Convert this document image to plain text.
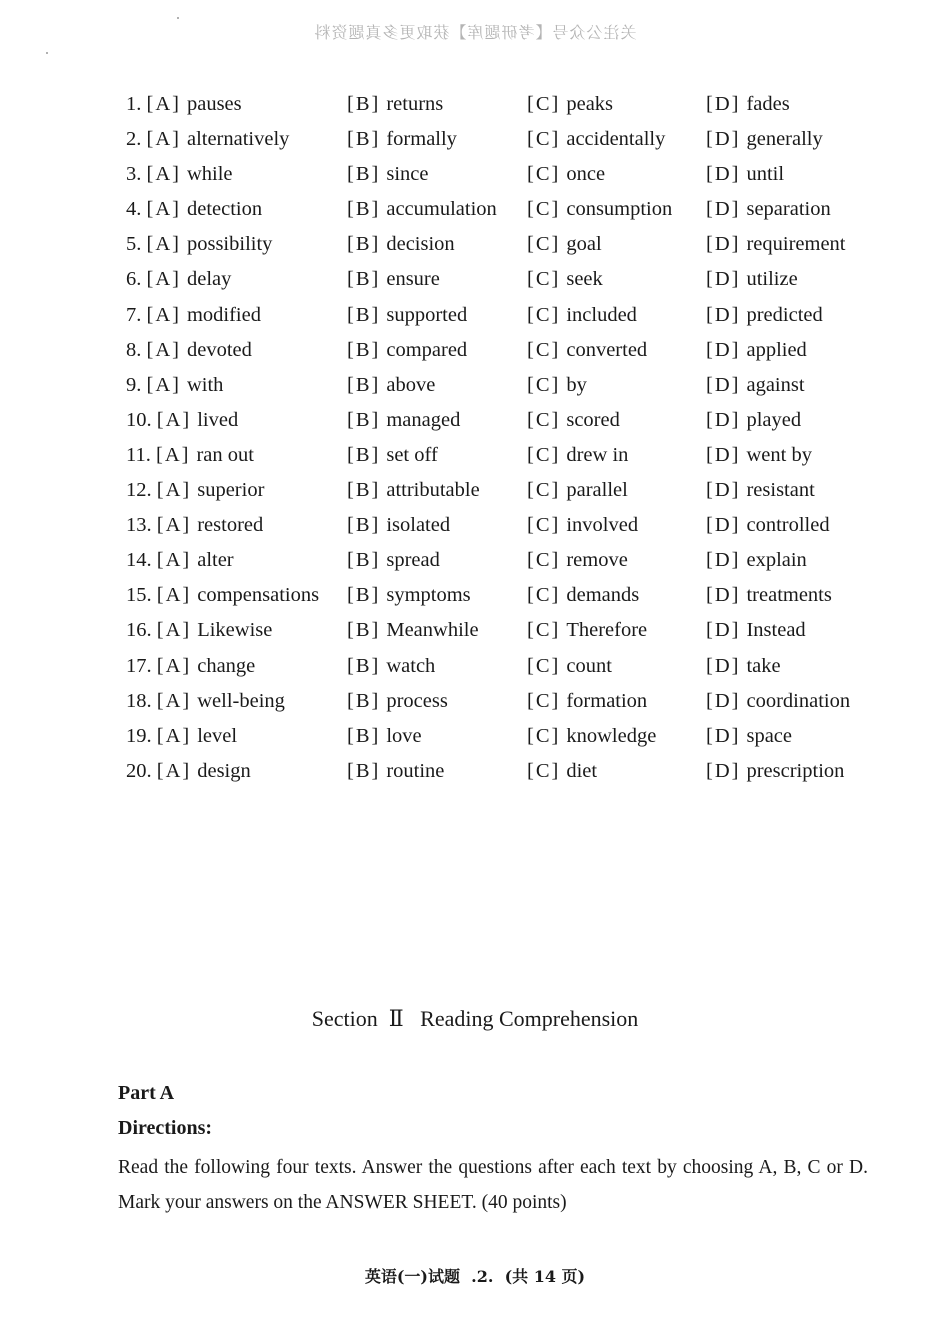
关注公众号【考研题库】获取更多真题资料
1. [A] pauses	[B] returns	[C] peaks	[D] fades
2. [A] alternatively	[B] formally	[C] accidentally [D] generally
3. [A] while	[B] since	[C] once	[D] until
4. [A] detection	[B] accumulation [C] consumption [D] separation
5. [A] possibility	[B] decision	[C] goal	[D] requirement
6. [A] delay	[B] ensure	[C] seek	[D] utilize
7. [A] modified	[B] supported	[C] included	[D] predicted
8. [A] devoted	[B] compared	[C] converted	[D] applied
9. [A] with	[B] above	[C] by	[D] against
10. [A] lived	[B] managed	[C] scored	[D] played
11. [A] ran out	[B] set off	[C] drew in	[D] went by
12. [A] superior	[B] attributable [C] parallel	[D] resistant
13. [A] restored	[B] isolated	[C] involved	[D] controlled
14. [A] alter	[B] spread	[C] remove	[D] explain
15. [A] compensations [B] symptoms	[C] demands	[D] treatments
16. [A] Likewise	[B] Meanwhile [C] Therefore	[D] Instead
17. [A] change	[B] watch	[C] count	[D] take
18. [A] well-being	[B] process	[C] formation	[D] coordination
19. [A] level	[B] love	[C] knowledge [D] space
20. [A] design	[B] routine	[C] diet	[D] prescription
Section Ⅱ Reading Comprehension
Part A
Directions:
Read the following four texts. Answer the questions after each text by choosing A, B, C or D. Mark your answers on the ANSWER SHEET. (40 points)
英语(一)试题 .2. (共 14 页)
